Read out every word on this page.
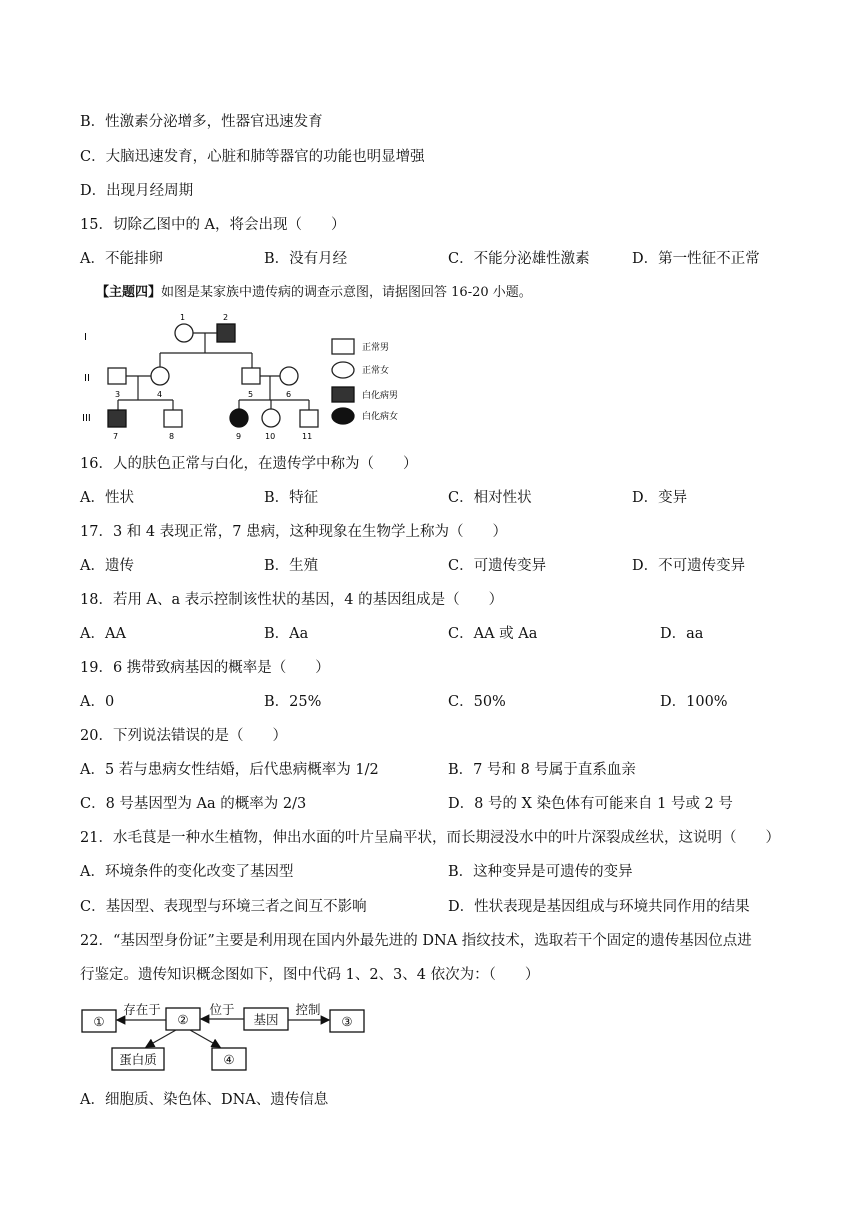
B．性激素分泌增多，性器官迅速发育
C．大脑迅速发育，心脏和肺等器官的功能也明显增强
D．出现月经周期
15．切除乙图中的 A，将会出现（　　）
A．不能排卵	B．没有月经	C．不能分泌雄性激素	D．第一性征不正常
【主题四】如图是某家族中遗传病的调查示意图，请据图回答 16-20 小题。
I
II
III
1	2
3	4	5	6
7	8	9	10	11
正常男
正常女
白化病男
白化病女
16．人的肤色正常与白化，在遗传学中称为（　　）
A．性状	B．特征	C．相对性状	D．变异
17．3 和 4 表现正常，7 患病，这种现象在生物学上称为（　　）
A．遗传	B．生殖	C．可遗传变异	D．不可遗传变异
18．若用 A、a 表示控制该性状的基因，4 的基因组成是（　　）
A．AA	B．Aa	C．AA 或 Aa	D．aa
19．6 携带致病基因的概率是（　　）
A．0	B．25%	C．50%	D．100%
20．下列说法错误的是（　　）
A．5 若与患病女性结婚，后代患病概率为 1/2	B．7 号和 8 号属于直系血亲
C．8 号基因型为 Aa 的概率为 2/3	D．8 号的 X 染色体有可能来自 1 号或 2 号
21．水毛茛是一种水生植物，伸出水面的叶片呈扁平状，而长期浸没水中的叶片深裂成丝状，这说明（　　）
A．环境条件的变化改变了基因型	B．这种变异是可遗传的变异
C．基因型、表现型与环境三者之间互不影响	D．性状表现是基因组成与环境共同作用的结果
22．“基因型身份证”主要是利用现在国内外最先进的 DNA 指纹技术，选取若干个固定的遗传基因位点进
行鉴定。遗传知识概念图如下，图中代码 1、2、3、4 依次为：（　　）
①	②	基因	③
蛋白质	④
存在于	位于	控制
A．细胞质、染色体、DNA、遗传信息
